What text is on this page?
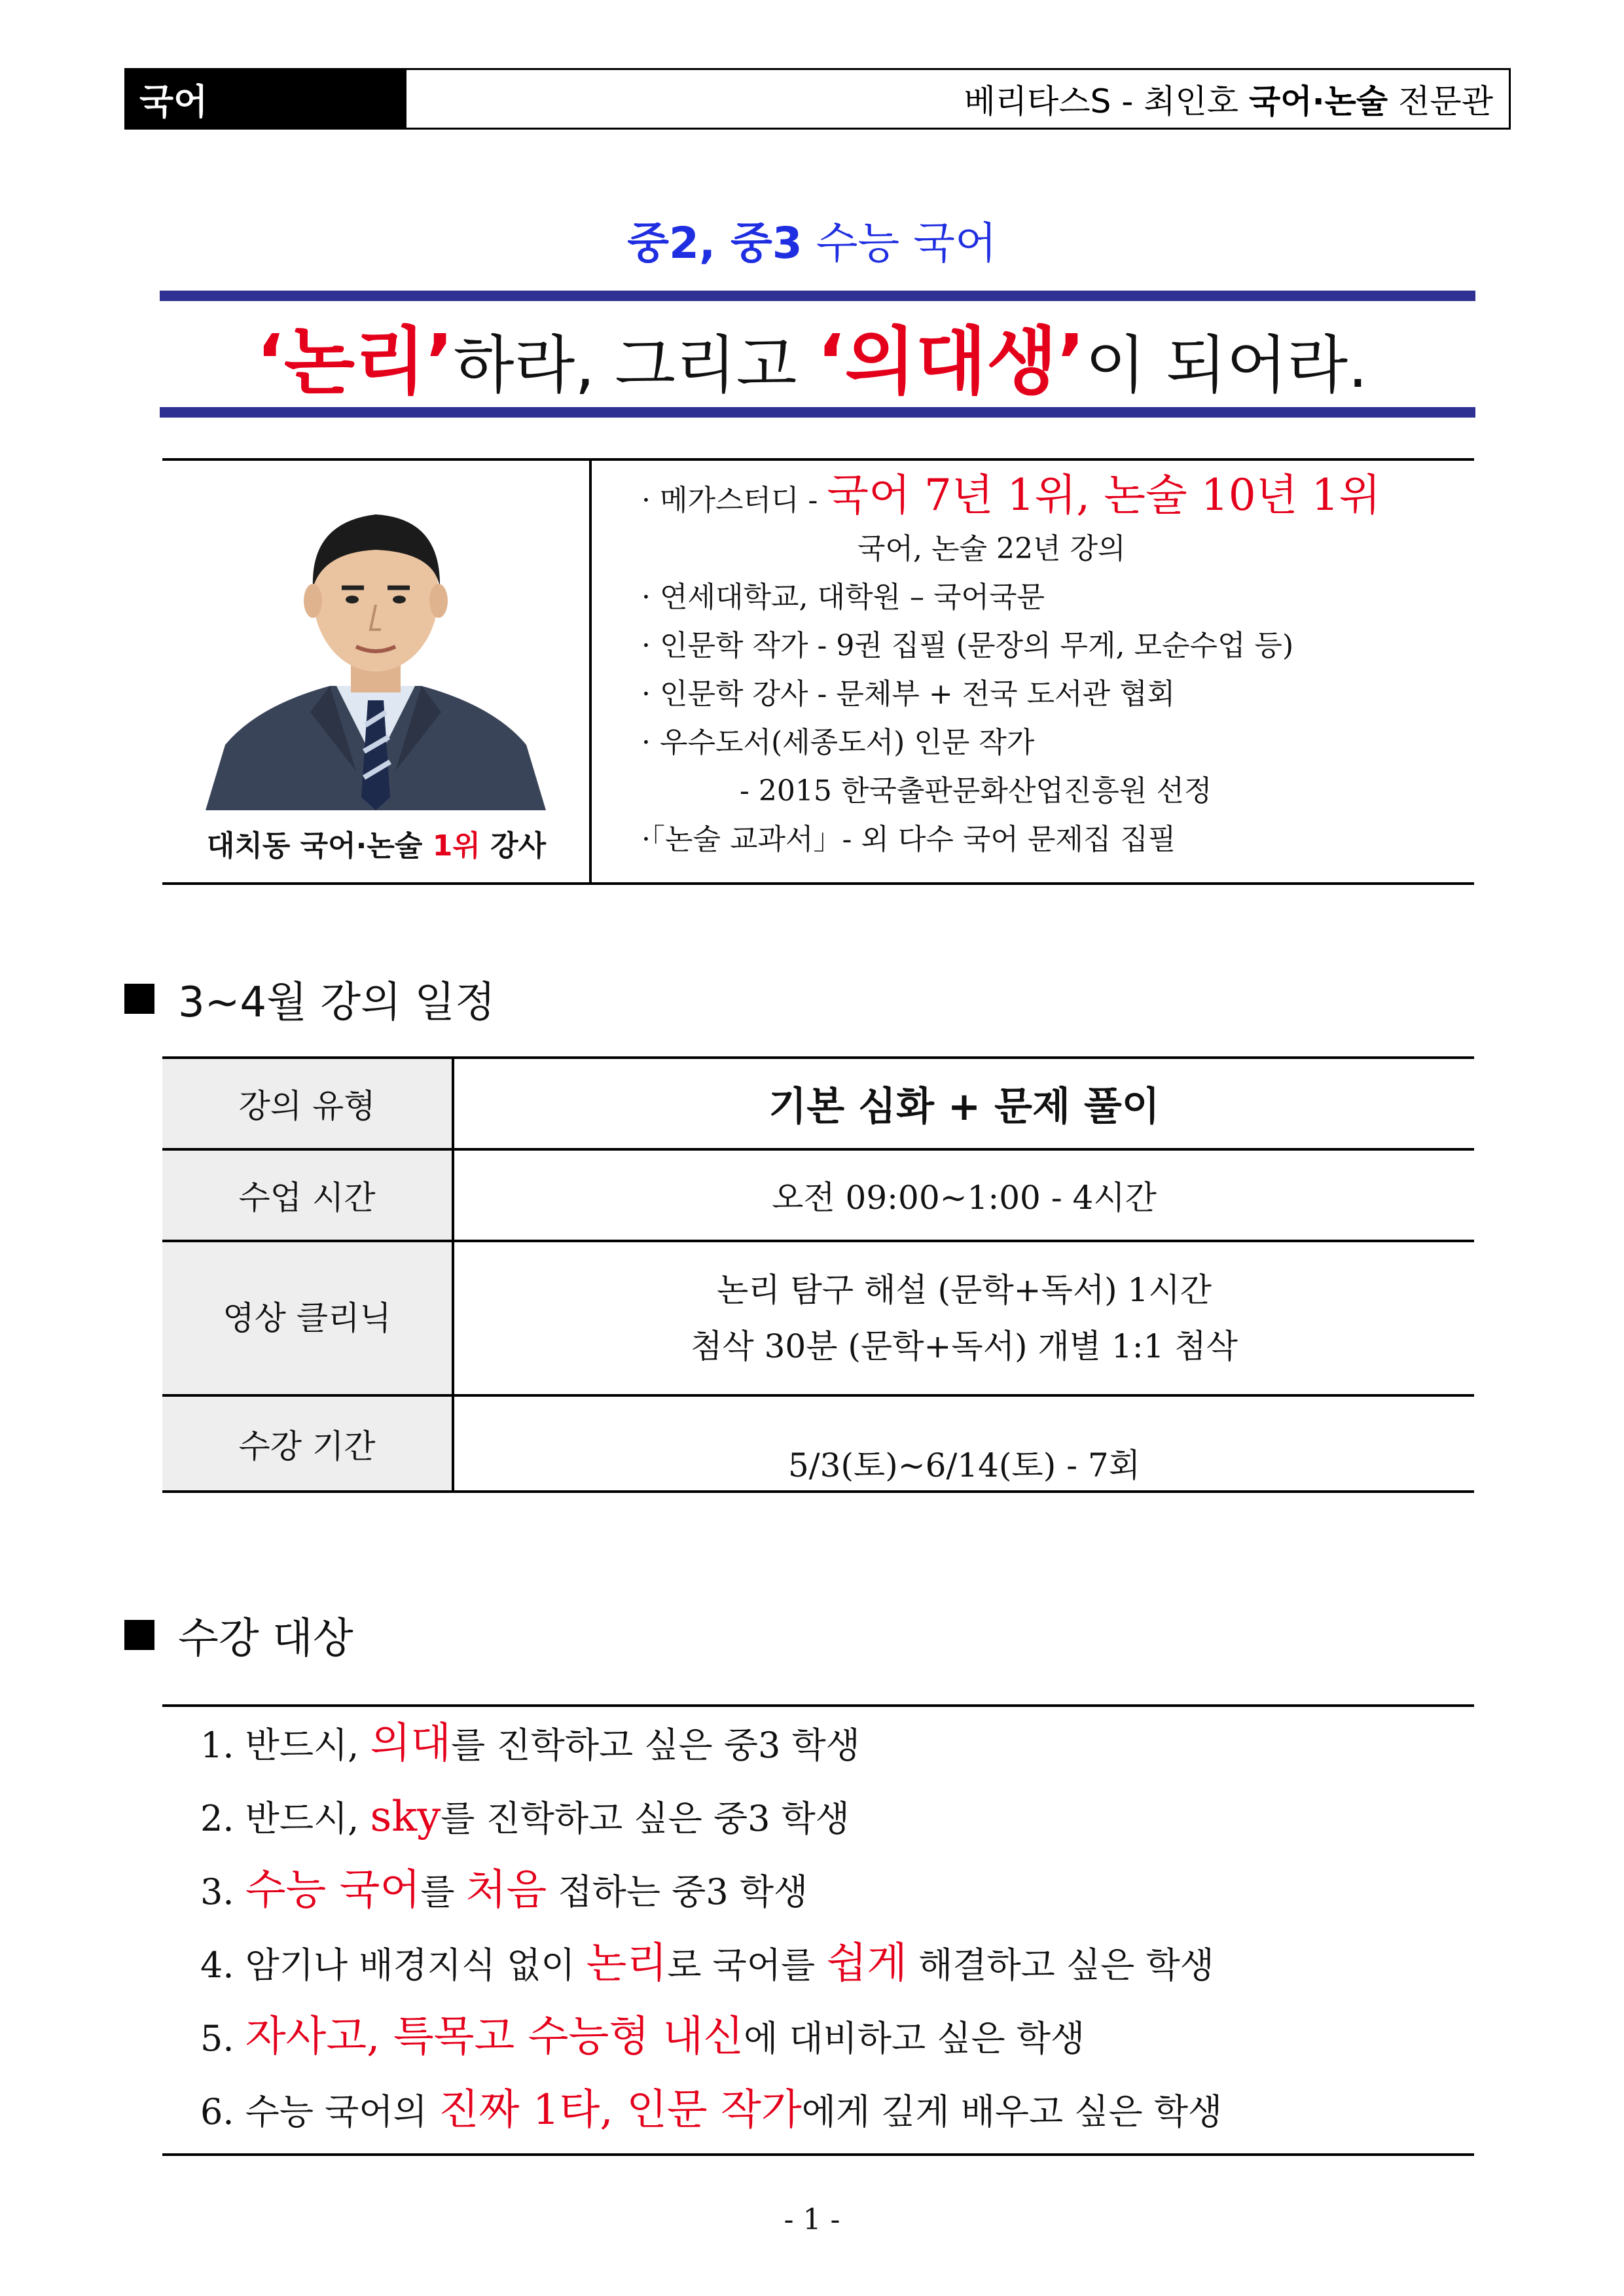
국어	베리타스S - 최인호 국어·논술 전문관
중2, 중3 수능 국어
‘논리’하라, 그리고 ‘의대생’이 되어라.
대치동 국어·논술 1위 강사
· 메가스터디 - 국어 7년 1위, 논술 10년 1위
국어, 논술 22년 강의
· 연세대학교, 대학원 – 국어국문
· 인문학 작가 - 9권 집필 (문장의 무게, 모순수업 등)
· 인문학 강사 - 문체부 + 전국 도서관 협회
· 우수도서(세종도서) 인문 작가
- 2015 한국출판문화산업진흥원 선정
·「논술 교과서」- 외 다수 국어 문제집 집필
3~4월 강의 일정
강의 유형	기본 심화 + 문제 풀이
수업 시간	오전 09:00~1:00 - 4시간
영상 클리닉	논리 탐구 해설 (문학+독서) 1시간
첨삭 30분 (문학+독서) 개별 1:1 첨삭

수강 기간	5/3(토)~6/14(토) - 7회
수강 대상
1. 반드시, 의대를 진학하고 싶은 중3 학생
2. 반드시, sky를 진학하고 싶은 중3 학생
3. 수능 국어를 처음 접하는 중3 학생
4. 암기나 배경지식 없이 논리로 국어를 쉽게 해결하고 싶은 학생
5. 자사고, 특목고 수능형 내신에 대비하고 싶은 학생
6. 수능 국어의 진짜 1타, 인문 작가에게 깊게 배우고 싶은 학생
- 1 -
